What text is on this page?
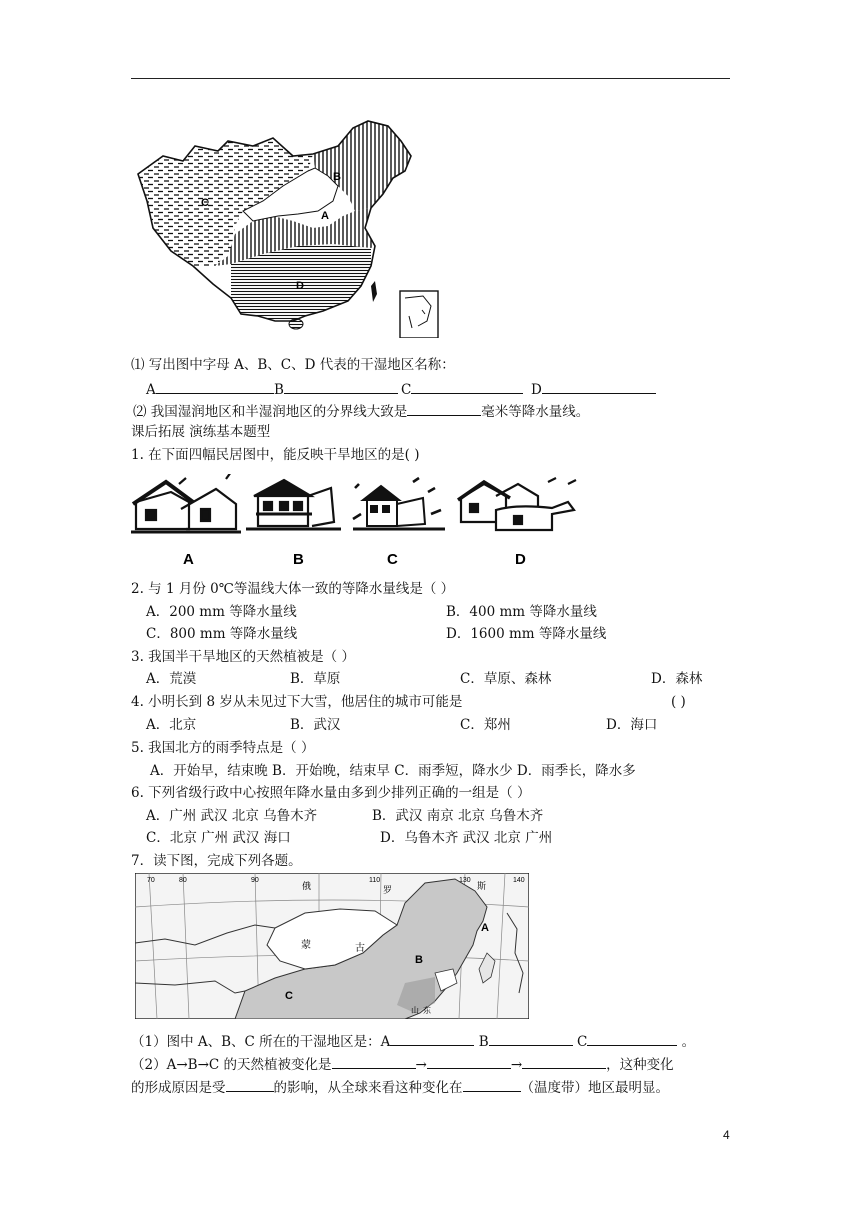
B
A
C
D
⑴ 写出图中字母 A、B、C、D 代表的干湿地区名称：
A	B	C	D
⑵ 我国湿润地区和半湿润地区的分界线大致是	毫米等降水量线。
课后拓展 演练基本题型
1. 在下面四幅民居图中，能反映干旱地区的是( )
A	B	C	D
2. 与 1 月份 0℃等温线大体一致的等降水量线是（ ）
A．200 mm 等降水量线	B．400 mm 等降水量线
C．800 mm 等降水量线	D．1600 mm 等降水量线
3. 我国半干旱地区的天然植被是（ ）
A．荒漠	B．草原	C．草原、森林	D．森林
4. 小明长到 8 岁从未见过下大雪，他居住的城市可能是	( )
A．北京	B．武汉	C．郑州	D．海口
5. 我国北方的雨季特点是（ ）
A．开始早，结束晚 B．开始晚，结束早 C．雨季短，降水少 D．雨季长，降水多
6. 下列省级行政中心按照年降水量由多到少排列正确的一组是（ ）
A．广州 武汉 北京 乌鲁木齐	B．武汉 南京 北京 乌鲁木齐
C．北京 广州 武汉 海口	D．乌鲁木齐 武汉 北京 广州
7．读下图，完成下列各题。
70	80	90	110	130	140
俄	罗	斯
蒙	古
山 东
A
B
C
（1）图中 A、B、C 所在的干湿地区是：A	B	C	。
（2）A→B→C 的天然植被变化是	→	→	，这种变化
的形成原因是受	的影响，从全球来看这种变化在	（温度带）地区最明显。
4
